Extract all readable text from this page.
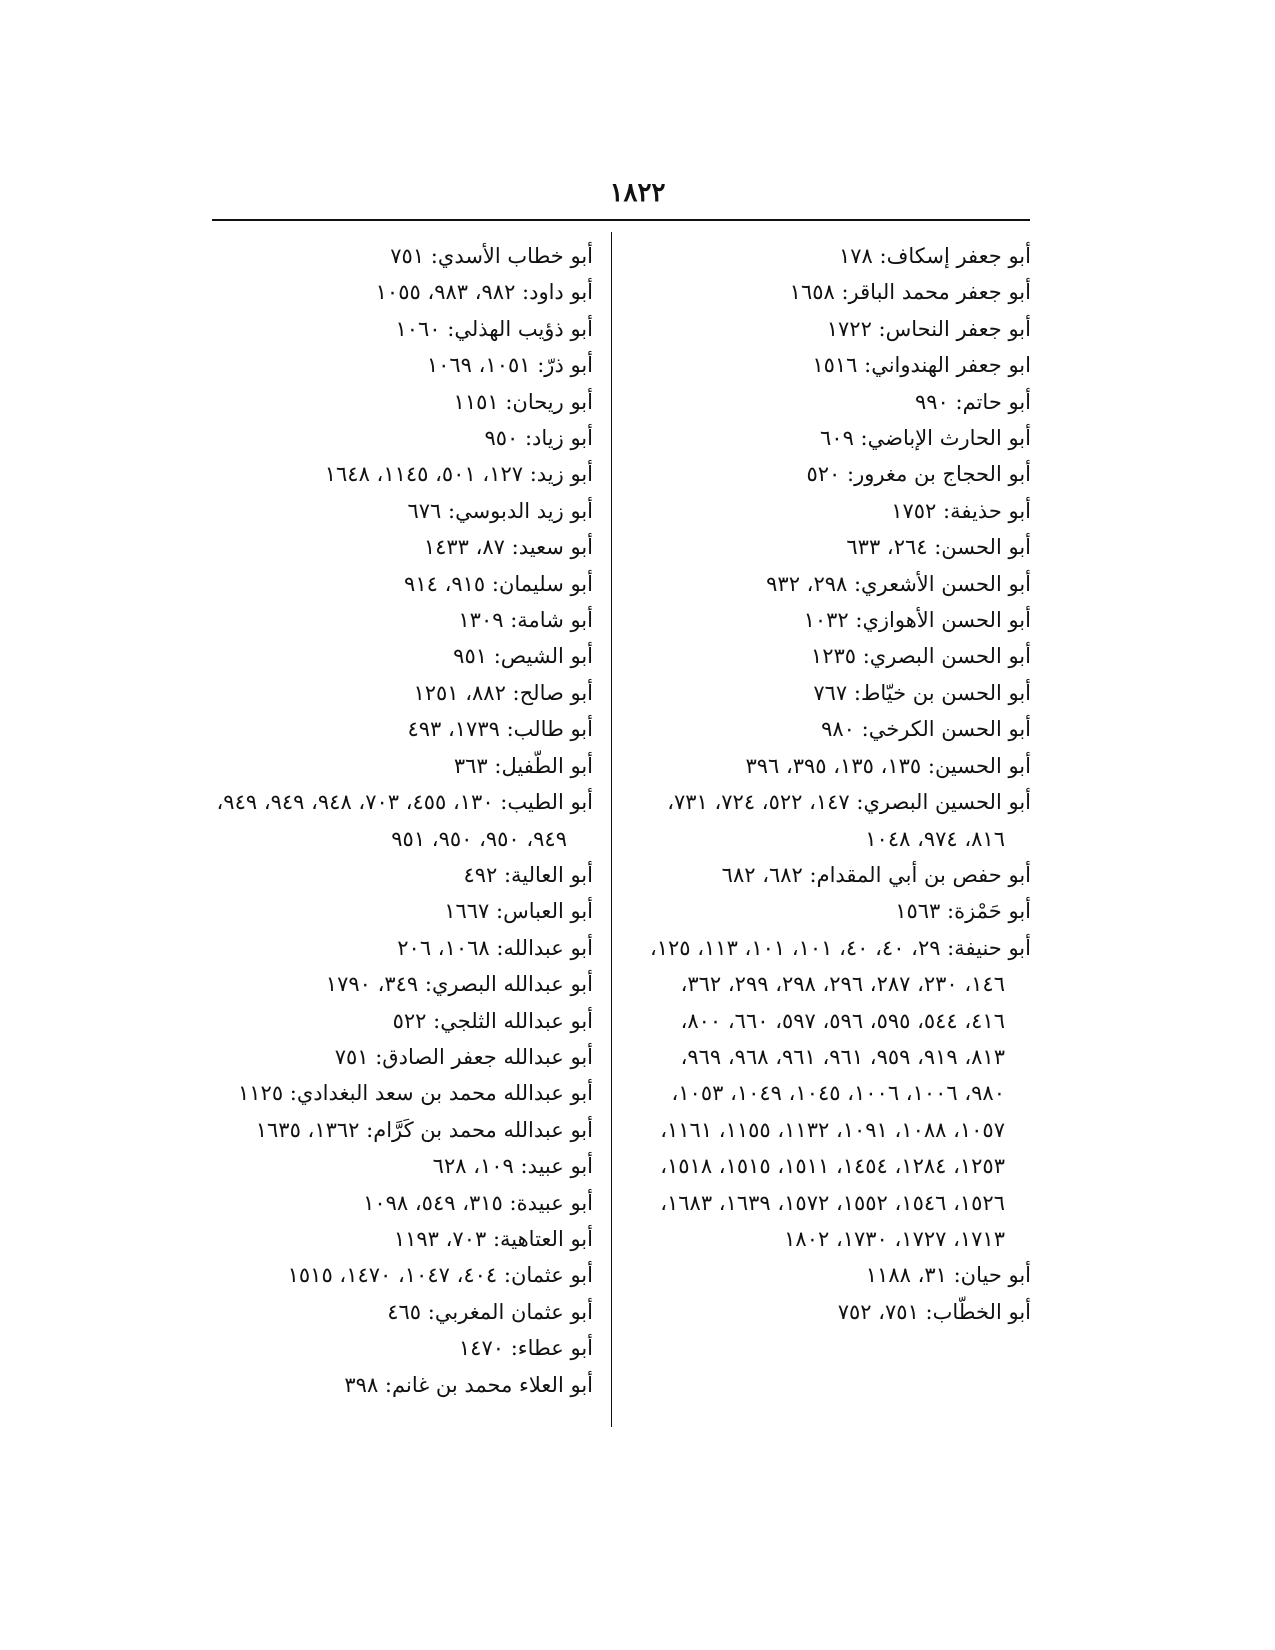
١٨٢٢
أبو جعفر إسكاف: ١٧٨
أبو جعفر محمد الباقر: ١٦٥٨
أبو جعفر النحاس: ١٧٢٢
ابو جعفر الهندواني: ١٥١٦
أبو حاتم: ٩٩٠
أبو الحارث الإباضي: ٦٠٩
أبو الحجاج بن مغرور: ٥٢٠
أبو حذيفة: ١٧٥٢
أبو الحسن: ٢٦٤، ٦٣٣
أبو الحسن الأشعري: ٢٩٨، ٩٣٢
أبو الحسن الأهوازي: ١٠٣٢
أبو الحسن البصري: ١٢٣٥
أبو الحسن بن خيّاط: ٧٦٧
أبو الحسن الكرخي: ٩٨٠
أبو الحسين: ١٣٥، ١٣٥، ٣٩٥، ٣٩٦
أبو الحسين البصري: ١٤٧، ٥٢٢، ٧٢٤، ٧٣١، ٨١٦، ٩٧٤، ١٠٤٨
أبو حفص بن أبي المقدام: ٦٨٢، ٦٨٢
أبو حَمْزة: ١٥٦٣
أبو حنيفة: ٢٩، ٤٠، ٤٠، ١٠١، ١٠١، ١١٣، ١٢٥، ١٤٦، ٢٣٠، ٢٨٧، ٢٩٦، ٢٩٨، ٢٩٩، ٣٦٢، ٤١٦، ٥٤٤، ٥٩٥، ٥٩٦، ٥٩٧، ٦٦٠، ٨٠٠، ٨١٣، ٩١٩، ٩٥٩، ٩٦١، ٩٦١، ٩٦٨، ٩٦٩، ٩٨٠، ١٠٠٦، ١٠٠٦، ١٠٤٥، ١٠٤٩، ١٠٥٣، ١٠٥٧، ١٠٨٨، ١٠٩١، ١١٣٢، ١١٥٥، ١١٦١، ١٢٥٣، ١٢٨٤، ١٤٥٤، ١٥١١، ١٥١٥، ١٥١٨، ١٥٢٦، ١٥٤٦، ١٥٥٢، ١٥٧٢، ١٦٣٩، ١٦٨٣، ١٧١٣، ١٧٢٧، ١٧٣٠، ١٨٠٢
أبو حيان: ٣١، ١١٨٨
أبو الخطّاب: ٧٥١، ٧٥٢
أبو خطاب الأسدي: ٧٥١
أبو داود: ٩٨٢، ٩٨٣، ١٠٥٥
أبو ذؤيب الهذلي: ١٠٦٠
أبو ذرّ: ١٠٥١، ١٠٦٩
أبو ريحان: ١١٥١
أبو زياد: ٩٥٠
أبو زيد: ١٢٧، ٥٠١، ١١٤٥، ١٦٤٨
أبو زيد الدبوسي: ٦٧٦
أبو سعيد: ٨٧، ١٤٣٣
أبو سليمان: ٩١٥، ٩١٤
أبو شامة: ١٣٠٩
أبو الشيص: ٩٥١
أبو صالح: ٨٨٢، ١٢٥١
أبو طالب: ١٧٣٩، ٤٩٣
أبو الطّفيل: ٣٦٣
أبو الطيب: ١٣٠، ٤٥٥، ٧٠٣، ٩٤٨، ٩٤٩، ٩٤٩، ٩٤٩، ٩٥٠، ٩٥٠، ٩٥١
أبو العالية: ٤٩٢
أبو العباس: ١٦٦٧
أبو عبدالله: ١٠٦٨، ٢٠٦
أبو عبدالله البصري: ٣٤٩، ١٧٩٠
أبو عبدالله الثلجي: ٥٢٢
أبو عبدالله جعفر الصادق: ٧٥١
أبو عبدالله محمد بن سعد البغدادي: ١١٢٥
أبو عبدالله محمد بن كَرَّام: ١٣٦٢، ١٦٣٥
أبو عبيد: ١٠٩، ٦٢٨
أبو عبيدة: ٣١٥، ٥٤٩، ١٠٩٨
أبو العتاهية: ٧٠٣، ١١٩٣
أبو عثمان: ٤٠٤، ١٠٤٧، ١٤٧٠، ١٥١٥
أبو عثمان المغربي: ٤٦٥
أبو عطاء: ١٤٧٠
أبو العلاء محمد بن غانم: ٣٩٨
